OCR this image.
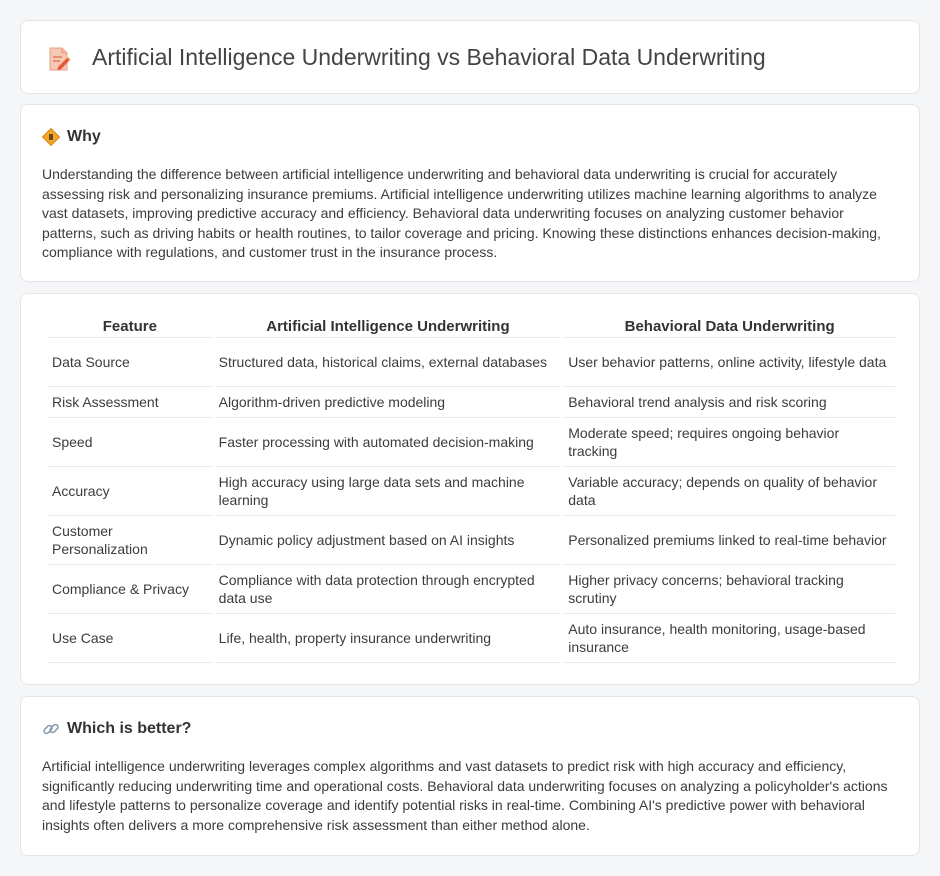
Artificial Intelligence Underwriting vs Behavioral Data Underwriting
Why

Understanding the difference between artificial intelligence underwriting and behavioral data underwriting is crucial for accurately assessing risk and personalizing insurance premiums. Artificial intelligence underwriting utilizes machine learning algorithms to analyze vast datasets, improving predictive accuracy and efficiency. Behavioral data underwriting focuses on analyzing customer behavior patterns, such as driving habits or health routines, to tailor coverage and pricing. Knowing these distinctions enhances decision-making, compliance with regulations, and customer trust in the insurance process.

Feature	Artificial Intelligence Underwriting	Behavioral Data Underwriting
Data Source	Structured data, historical claims, external databases	User behavior patterns, online activity, lifestyle data
Risk Assessment	Algorithm-driven predictive modeling	Behavioral trend analysis and risk scoring
Speed	Faster processing with automated decision-making	Moderate speed; requires ongoing behavior tracking
Accuracy	High accuracy using large data sets and machine learning	Variable accuracy; depends on quality of behavior data
Customer Personalization	Dynamic policy adjustment based on AI insights	Personalized premiums linked to real-time behavior
Compliance & Privacy	Compliance with data protection through encrypted data use	Higher privacy concerns; behavioral tracking scrutiny
Use Case	Life, health, property insurance underwriting	Auto insurance, health monitoring, usage-based insurance
Which is better?

Artificial intelligence underwriting leverages complex algorithms and vast datasets to predict risk with high accuracy and efficiency, significantly reducing underwriting time and operational costs. Behavioral data underwriting focuses on analyzing a policyholder's actions and lifestyle patterns to personalize coverage and identify potential risks in real-time. Combining AI's predictive power with behavioral insights often delivers a more comprehensive risk assessment than either method alone.
